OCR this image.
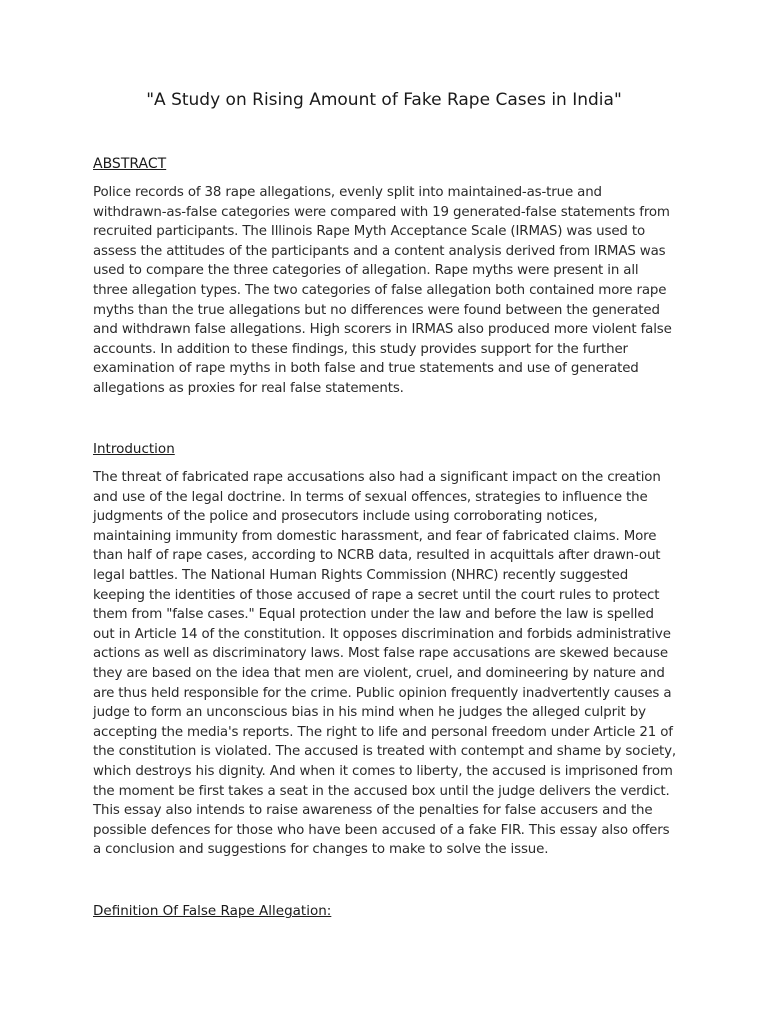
"A Study on Rising Amount of Fake Rape Cases in India"
ABSTRACT

Police records of 38 rape allegations, evenly split into maintained-as-true and
withdrawn-as-false categories were compared with 19 generated-false statements from
recruited participants. The Illinois Rape Myth Acceptance Scale (IRMAS) was used to
assess the attitudes of the participants and a content analysis derived from IRMAS was
used to compare the three categories of allegation. Rape myths were present in all
three allegation types. The two categories of false allegation both contained more rape
myths than the true allegations but no differences were found between the generated
and withdrawn false allegations. High scorers in IRMAS also produced more violent false
accounts. In addition to these findings, this study provides support for the further
examination of rape myths in both false and true statements and use of generated
allegations as proxies for real false statements.

Introduction

The threat of fabricated rape accusations also had a significant impact on the creation
and use of the legal doctrine. In terms of sexual offences, strategies to influence the
judgments of the police and prosecutors include using corroborating notices,
maintaining immunity from domestic harassment, and fear of fabricated claims. More
than half of rape cases, according to NCRB data, resulted in acquittals after drawn-out
legal battles. The National Human Rights Commission (NHRC) recently suggested
keeping the identities of those accused of rape a secret until the court rules to protect
them from "false cases." Equal protection under the law and before the law is spelled
out in Article 14 of the constitution. It opposes discrimination and forbids administrative
actions as well as discriminatory laws. Most false rape accusations are skewed because
they are based on the idea that men are violent, cruel, and domineering by nature and
are thus held responsible for the crime. Public opinion frequently inadvertently causes a
judge to form an unconscious bias in his mind when he judges the alleged culprit by
accepting the media's reports. The right to life and personal freedom under Article 21 of
the constitution is violated. The accused is treated with contempt and shame by society,
which destroys his dignity. And when it comes to liberty, the accused is imprisoned from
the moment be first takes a seat in the accused box until the judge delivers the verdict.
This essay also intends to raise awareness of the penalties for false accusers and the
possible defences for those who have been accused of a fake FIR. This essay also offers
a conclusion and suggestions for changes to make to solve the issue.

Definition Of False Rape Allegation:
